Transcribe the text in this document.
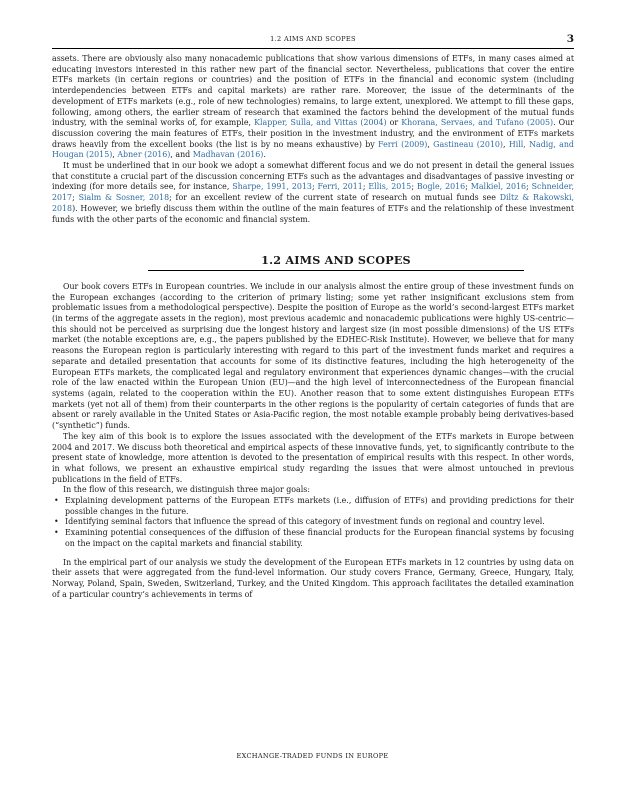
1.2 AIMS AND SCOPES	3

assets. There are obviously also many nonacademic publications that show various dimensions of ETFs, in many cases aimed at educating investors interested in this rather new part of the financial sector. Nevertheless, publications that cover the entire ETFs markets (in certain regions or countries) and the position of ETFs in the financial and economic system (including interdependencies between ETFs and capital markets) are rather rare. Moreover, the issue of the determinants of the development of ETFs markets (e.g., role of new technologies) remains, to large extent, unexplored. We attempt to fill these gaps, following, among others, the earlier stream of research that examined the factors behind the development of the mutual funds industry, with the seminal works of, for example, Klapper, Sulla, and Vittas (2004) or Khorana, Servaes, and Tufano (2005). Our discussion covering the main features of ETFs, their position in the investment industry, and the environment of ETFs markets draws heavily from the excellent books (the list is by no means exhaustive) by Ferri (2009), Gastineau (2010), Hill, Nadig, and Hougan (2015), Abner (2016), and Madhavan (2016).

It must be underlined that in our book we adopt a somewhat different focus and we do not present in detail the general issues that constitute a crucial part of the discussion concerning ETFs such as the advantages and disadvantages of passive investing or indexing (for more details see, for instance, Sharpe, 1991, 2013; Ferri, 2011; Ellis, 2015; Bogle, 2016; Malkiel, 2016; Schneider, 2017; Sialm & Sosner, 2018; for an excellent review of the current state of research on mutual funds see Diltz & Rakowski, 2018). However, we briefly discuss them within the outline of the main features of ETFs and the relationship of these investment funds with the other parts of the economic and financial system.

1.2 AIMS AND SCOPES

Our book covers ETFs in European countries. We include in our analysis almost the entire group of these investment funds on the European exchanges (according to the criterion of primary listing; some yet rather insignificant exclusions stem from problematic issues from a methodological perspective). Despite the position of Europe as the world’s second-largest ETFs market (in terms of the aggregate assets in the region), most previous academic and nonacademic publications were highly US-centric—this should not be perceived as surprising due the longest history and largest size (in most possible dimensions) of the US ETFs market (the notable exceptions are, e.g., the papers published by the EDHEC-Risk Institute). However, we believe that for many reasons the European region is particularly interesting with regard to this part of the investment funds market and requires a separate and detailed presentation that accounts for some of its distinctive features, including the high heterogeneity of the European ETFs markets, the complicated legal and regulatory environment that experiences dynamic changes—with the crucial role of the law enacted within the European Union (EU)—and the high level of interconnectedness of the European financial systems (again, related to the cooperation within the EU). Another reason that to some extent distinguishes European ETFs markets (yet not all of them) from their counterparts in the other regions is the popularity of certain categories of funds that are absent or rarely available in the United States or Asia-Pacific region, the most notable example probably being derivatives-based (“synthetic”) funds.

The key aim of this book is to explore the issues associated with the development of the ETFs markets in Europe between 2004 and 2017. We discuss both theoretical and empirical aspects of these innovative funds, yet, to significantly contribute to the present state of knowledge, more attention is devoted to the presentation of empirical results with this respect. In other words, in what follows, we present an exhaustive empirical study regarding the issues that were almost untouched in previous publications in the field of ETFs.

In the flow of this research, we distinguish three major goals:

• Explaining development patterns of the European ETFs markets (i.e., diffusion of ETFs) and providing predictions for their possible changes in the future.
• Identifying seminal factors that influence the spread of this category of investment funds on regional and country level.
• Examining potential consequences of the diffusion of these financial products for the European financial systems by focusing on the impact on the capital markets and financial stability.

In the empirical part of our analysis we study the development of the European ETFs markets in 12 countries by using data on their assets that were aggregated from the fund-level information. Our study covers France, Germany, Greece, Hungary, Italy, Norway, Poland, Spain, Sweden, Switzerland, Turkey, and the United Kingdom. This approach facilitates the detailed examination of a particular country’s achievements in terms of

EXCHANGE-TRADED FUNDS IN EUROPE
